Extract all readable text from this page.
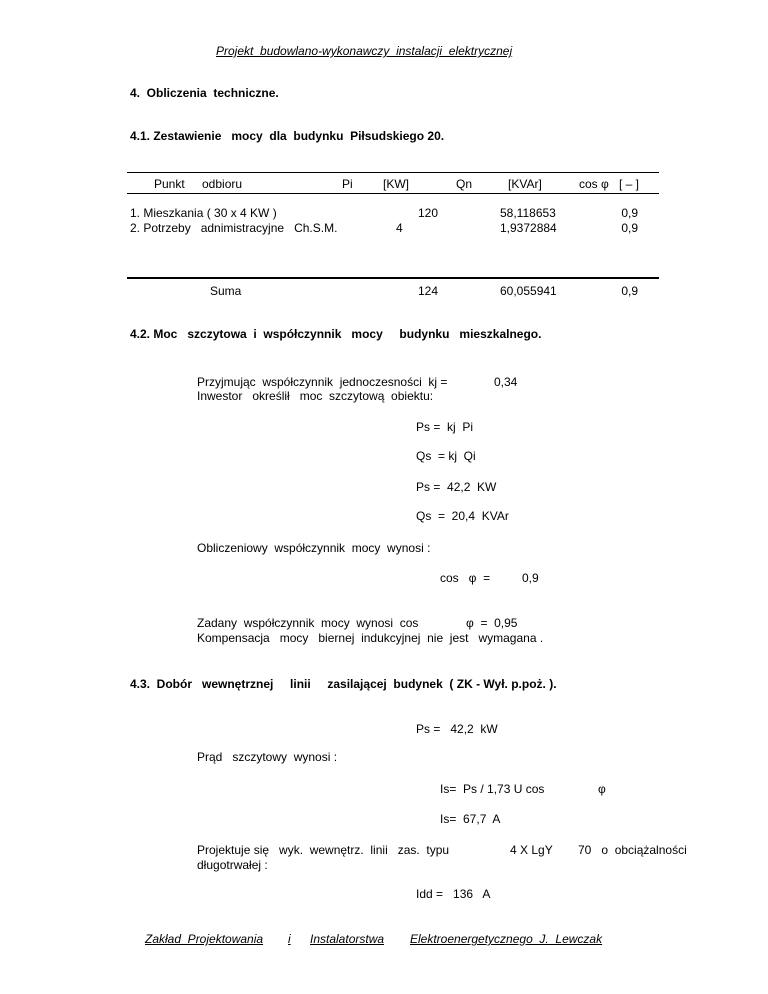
Projekt  budowlano-wykonawczy  instalacji  elektrycznej
4.  Obliczenia  techniczne.
4.1. Zestawienie   mocy  dla  budynku  Piłsudskiego 20.
Punkt odbioru	Pi	[KW]	Qn	[KVAr]	cos φ [ – ]
1. Mieszkania ( 30 x 4 KW )	120	58,118653	0,9
2. Potrzeby   adnimistracyjne   Ch.S.M.	4	1,9372884	0,9
Suma	124	60,055941	0,9
4.2. Moc   szczytowa  i  współczynnik   mocy     budynku   mieszkalnego.
Przyjmując  współczynnik  jednoczesności  kj =	0,34
Inwestor   określił   moc  szczytową  obiektu:
Ps =  kj  Pi
Qs  = kj  Qi
Ps =  42,2  KW
Qs  =  20,4  KVAr
Obliczeniowy  współczynnik  mocy  wynosi :
cos   φ  =	0,9
Zadany  współczynnik  mocy  wynosi  cos	φ  =  0,95
Kompensacja   mocy   biernej  indukcyjnej  nie  jest   wymagana .
4.3.  Dobór   wewnętrznej     linii     zasilającej  budynek  ( ZK - Wył. p.poż. ).
Ps =   42,2  kW
Prąd   szczytowy  wynosi :
Is=  Ps / 1,73 U cos	φ
Is=  67,7  A
Projektuje się   wyk.  wewnętrz.  linii   zas.  typu	4 X LgY 70   o  obciążalności
długotrwałej :
Idd =   136   A
Zakład  Projektowania i Instalatorstwa Elektroenergetycznego  J.  Lewczak
